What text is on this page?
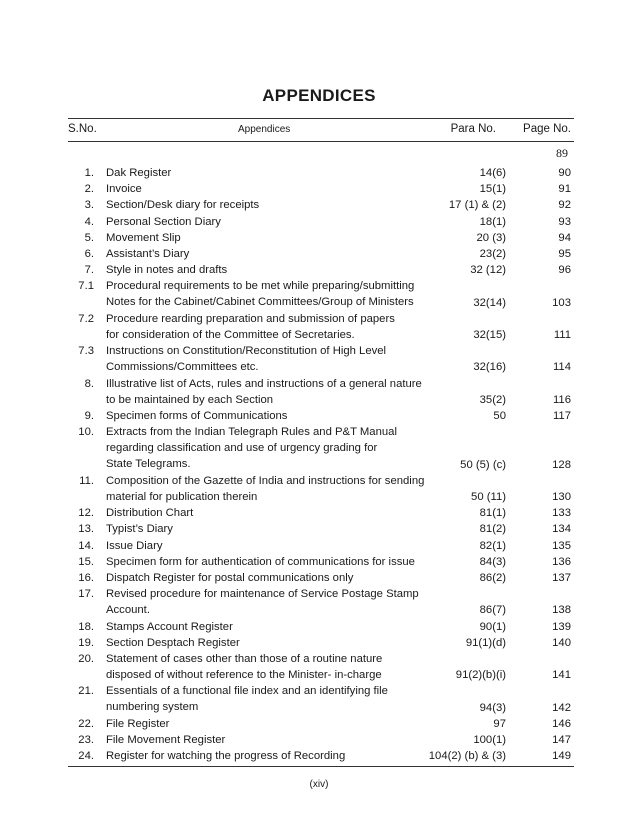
APPENDICES
S.No.	Appendices	Para No. Page No.
89
1. Dak Register	14(6)	90
2. Invoice	15(1)	91
3. Section/Desk diary for receipts	17 (1) & (2)	92
4. Personal Section Diary	18(1)	93
5. Movement Slip	20 (3)	94
6. Assistant’s Diary	23(2)	95
7. Style in notes and drafts	32 (12)	96
7.1 Procedural requirements to be met while preparing/submitting
Notes for the Cabinet/Cabinet Committees/Group of Ministers	32(14)	103
7.2 Procedure rearding preparation and submission of papers
for consideration of the Committee of Secretaries.	32(15)	111
7.3 Instructions on Constitution/Reconstitution of High Level
Commissions/Committees etc.	32(16)	114
8. Illustrative list of Acts, rules and instructions of a general nature
to be maintained by each Section	35(2)	116
9. Specimen forms of Communications	50	117
10. Extracts from the Indian Telegraph Rules and P&T Manual
regarding classification and use of urgency grading for
State Telegrams.	50 (5) (c)	128
11. Composition of the Gazette of India and instructions for sending
material for publication therein	50 (11)	130
12. Distribution Chart	81(1)	133
13. Typist’s Diary	81(2)	134
14. Issue Diary	82(1)	135
15. Specimen form for authentication of communications for issue	84(3)	136
16. Dispatch Register for postal communications only	86(2)	137
17. Revised procedure for maintenance of Service Postage Stamp
Account.	86(7)	138
18. Stamps Account Register	90(1)	139
19. Section Desptach Register	91(1)(d)	140
20. Statement of cases other than those of a routine nature
disposed of without reference to the Minister- in-charge	91(2)(b)(i)	141
21. Essentials of a functional file index and an identifying file
numbering system	94(3)	142
22. File Register	97	146
23. File Movement Register	100(1)	147
24. Register for watching the progress of Recording	104(2) (b) & (3)	149
(xiv)
